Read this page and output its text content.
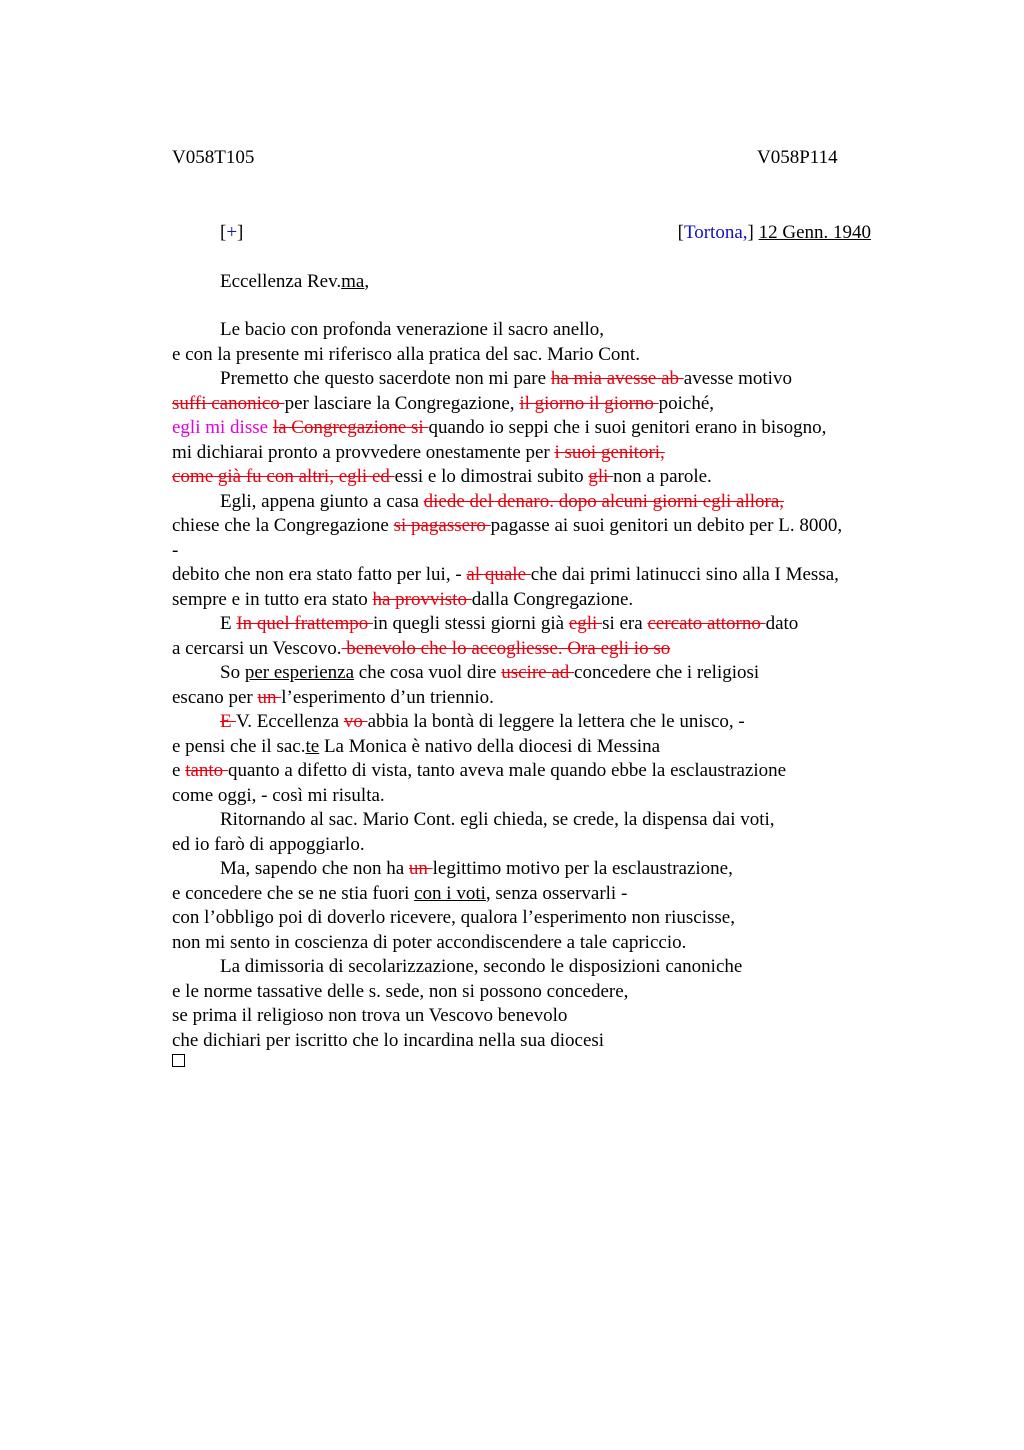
V058T105	V058P114
[+]	[Tortona,] 12 Genn. 1940
Eccellenza Rev.ma,
Le bacio con profonda venerazione il sacro anello,
e con la presente mi riferisco alla pratica del sac. Mario Cont.
Premetto che questo sacerdote non mi pare ha mia avesse ab avesse motivo
suffi canonico per lasciare la Congregazione, il giorno il giorno poiché,
egli mi disse la Congregazione si quando io seppi che i suoi genitori erano in bisogno,
mi dichiarai pronto a provvedere onestamente per i suoi genitori,
come già fu con altri, egli ed essi e lo dimostrai subito gli non a parole.
Egli, appena giunto a casa diede del denaro. dopo alcuni giorni egli allora,
chiese che la Congregazione si pagassero pagasse ai suoi genitori un debito per L. 8000,
-
debito che non era stato fatto per lui, - al quale che dai primi latinucci sino alla I Messa,
sempre e in tutto era stato ha provvisto dalla Congregazione.
E In quel frattempo in quegli stessi giorni già egli si era cercato attorno dato
a cercarsi un Vescovo. benevolo che lo accogliesse. Ora egli io so
So per esperienza che cosa vuol dire uscire ad concedere che i religiosi
escano per un l’esperimento d’un triennio.
E V. Eccellenza vo abbia la bontà di leggere la lettera che le unisco, -
e pensi che il sac.te La Monica è nativo della diocesi di Messina
e tanto quanto a difetto di vista, tanto aveva male quando ebbe la esclaustrazione
come oggi, - così mi risulta.
Ritornando al sac. Mario Cont. egli chieda, se crede, la dispensa dai voti,
ed io farò di appoggiarlo.
Ma, sapendo che non ha un legittimo motivo per la esclaustrazione,
e concedere che se ne stia fuori con i voti, senza osservarli -
con l’obbligo poi di doverlo ricevere, qualora l’esperimento non riuscisse,
non mi sento in coscienza di poter accondiscendere a tale capriccio.
La dimissoria di secolarizzazione, secondo le disposizioni canoniche
e le norme tassative delle s. sede, non si possono concedere,
se prima il religioso non trova un Vescovo benevolo
che dichiari per iscritto che lo incardina nella sua diocesi
